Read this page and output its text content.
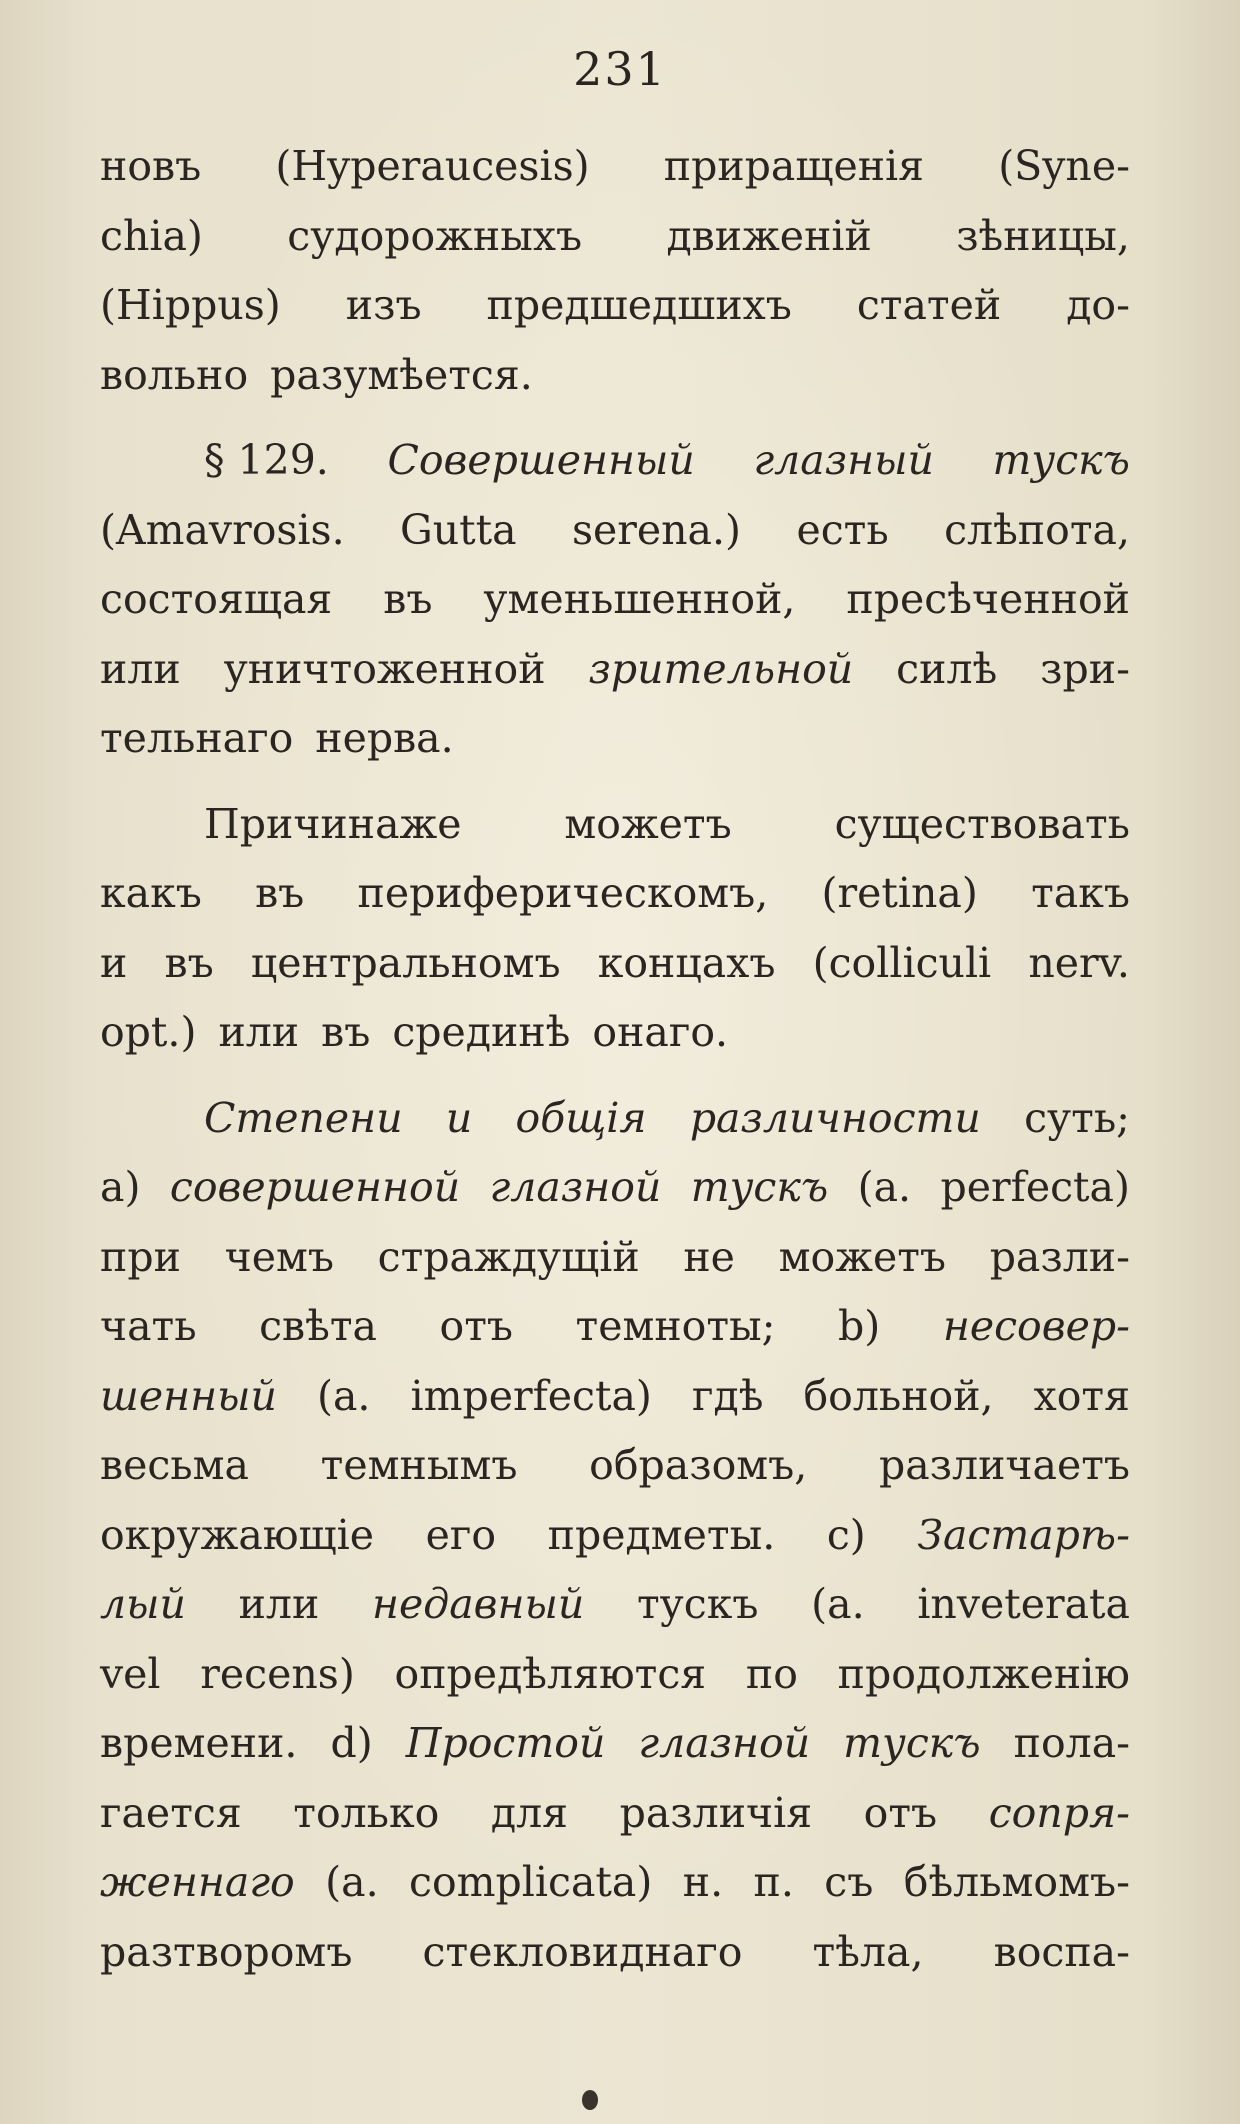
231
новъ (Hyperaucesis) приращенія (Syne-
chia) судорожныхъ движеній зѣницы,
(Hippus) изъ предшедшихъ статей до-
вольно разумѣется.
§ 129. Совершенный глазный тускъ
(Amavrosis. Gutta serena.) есть слѣпота,
состоящая въ уменьшенной, пресѣченной
или уничтоженной зрительной силѣ зри-
тельнаго нерва.
Причинаже	можетъ	существовать
какъ въ периферическомъ, (retina) такъ
и въ центральномъ концахъ (colliculi nerv.
opt.) или въ срединѣ онаго.
Степени и общія различности суть;
a) совершенной глазной тускъ (a. perfecta)
при чемъ страждущій не можетъ разли-
чать свѣта отъ темноты; b) несовер-
шенный (a. imperfecta) гдѣ больной, хотя
весьма темнымъ образомъ, различаетъ
окружающіе его предметы. c) Застарѣ-
лый или недавный тускъ (a. inveterata
vel recens) опредѣляются по продолженію
времени. d) Простой глазной тускъ пола-
гается только для различія отъ сопря-
женнаго (a. complicata) н. п. съ бѣльмомъ-
разтворомъ стекловиднаго тѣла, воспа-
